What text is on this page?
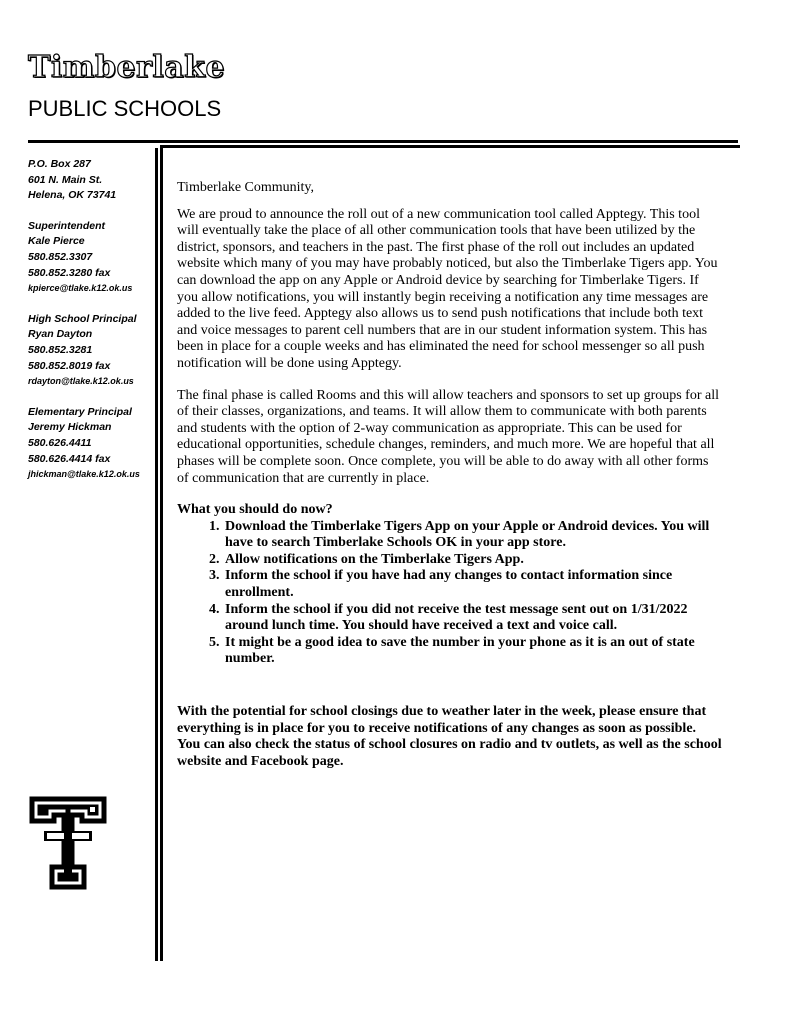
Timberlake
PUBLIC SCHOOLS
P.O. Box 287
601 N. Main St.
Helena, OK 73741
Superintendent
Kale Pierce
580.852.3307
580.852.3280 fax
kpierce@tlake.k12.ok.us
High School Principal
Ryan Dayton
580.852.3281
580.852.8019 fax
rdayton@tlake.k12.ok.us
Elementary Principal
Jeremy Hickman
580.626.4411
580.626.4414 fax
jhickman@tlake.k12.ok.us

Timberlake Community,

We are proud to announce the roll out of a new communication tool called Apptegy. This tool will eventually take the place of all other communication tools that have been utilized by the district, sponsors, and teachers in the past. The first phase of the roll out includes an updated website which many of you may have probably noticed, but also the Timberlake Tigers app. You can download the app on any Apple or Android device by searching for Timberlake Tigers. If you allow notifications, you will instantly begin receiving a notification any time messages are added to the live feed. Apptegy also allows us to send push notifications that include both text and voice messages to parent cell numbers that are in our student information system. This has been in place for a couple weeks and has eliminated the need for school messenger so all push notification will be done using Apptegy.

The final phase is called Rooms and this will allow teachers and sponsors to set up groups for all of their classes, organizations, and teams. It will allow them to communicate with both parents and students with the option of 2-way communication as appropriate. This can be used for educational opportunities, schedule changes, reminders, and much more. We are hopeful that all phases will be complete soon. Once complete, you will be able to do away with all other forms of communication that are currently in place.

What you should do now?
1. Download the Timberlake Tigers App on your Apple or Android devices. You will have to search Timberlake Schools OK in your app store.
2. Allow notifications on the Timberlake Tigers App.
3. Inform the school if you have had any changes to contact information since enrollment.
4. Inform the school if you did not receive the test message sent out on 1/31/2022 around lunch time. You should have received a text and voice call.
5. It might be a good idea to save the number in your phone as it is an out of state number.

With the potential for school closings due to weather later in the week, please ensure that everything is in place for you to receive notifications of any changes as soon as possible. You can also check the status of school closures on radio and tv outlets, as well as the school website and Facebook page.
